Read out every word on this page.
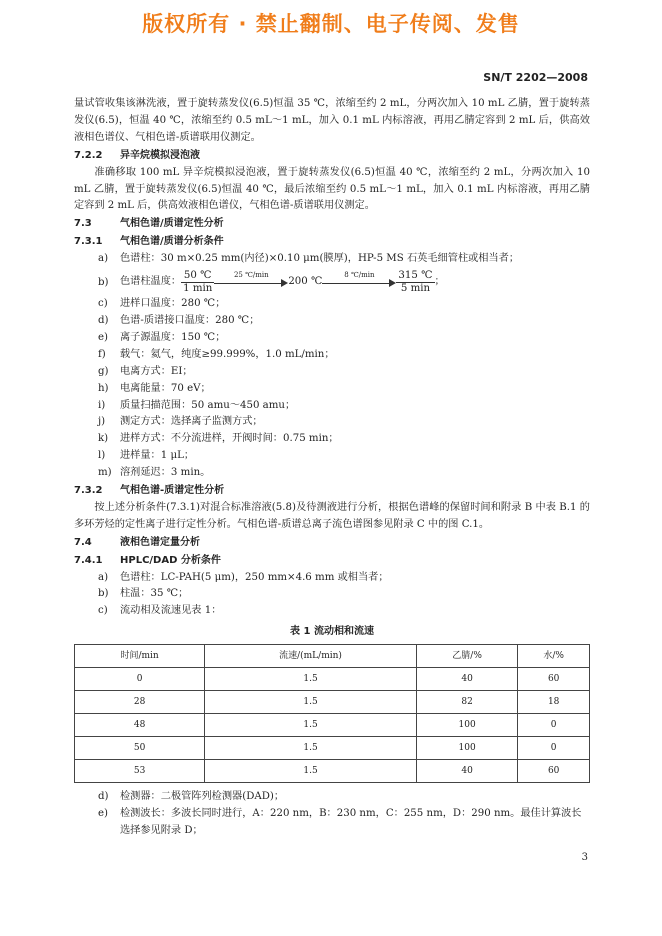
版权所有 · 禁止翻制、电子传阅、发售
SN/T 2202—2008

量试管收集该淋洗液，置于旋转蒸发仪(6.5)恒温 35 ℃，浓缩至约 2 mL，分两次加入 10 mL 乙腈，置于旋转蒸发仪(6.5)，恒温 40 ℃，浓缩至约 0.5 mL～1 mL，加入 0.1 mL 内标溶液，再用乙腈定容到 2 mL 后，供高效液相色谱仪、气相色谱-质谱联用仪测定。

7.2.2 异辛烷模拟浸泡液

准确移取 100 mL 异辛烷模拟浸泡液，置于旋转蒸发仪(6.5)恒温 40 ℃，浓缩至约 2 mL，分两次加入 10 mL 乙腈，置于旋转蒸发仪(6.5)恒温 40 ℃，最后浓缩至约 0.5 mL～1 mL，加入 0.1 mL 内标溶液，再用乙腈定容到 2 mL 后，供高效液相色谱仪，气相色谱-质谱联用仪测定。

7.3	气相色谱/质谱定性分析

7.3.1 气相色谱/质谱分析条件

a)	色谱柱：30 m×0.25 mm(内径)×0.10 μm(膜厚)，HP-5 MS 石英毛细管柱或相当者；
b)	色谱柱温度： $\frac{50 ℃}{1 \min}$	25 ℃/min
200 ℃
8 ℃/min	$\frac{315 ℃}{5 \min}$ ；
c)	进样口温度：280 ℃；
d)	色谱-质谱接口温度：280 ℃；
e)	离子源温度：150 ℃；
f)	载气：氦气，纯度≥99.999%，1.0 mL/min；
g)	电离方式：EI；
h)	电离能量：70 eV；
i)	质量扫描范围：50 amu～450 amu；
j)	测定方式：选择离子监测方式；
k)	进样方式：不分流进样，开阀时间：0.75 min；
l)	进样量：1 μL；
m) 溶剂延迟：3 min。

7.3.2 气相色谱-质谱定性分析

按上述分析条件(7.3.1)对混合标准溶液(5.8)及待测液进行分析，根据色谱峰的保留时间和附录 B 中表 B.1 的多环芳烃的定性离子进行定性分析。气相色谱-质谱总离子流色谱图参见附录 C 中的图 C.1。

7.4	液相色谱定量分析

7.4.1 HPLC/DAD 分析条件

a)	色谱柱：LC-PAH(5 μm)，250 mm×4.6 mm 或相当者；
b)	柱温：35 ℃；
c)	流动相及流速见表 1：
表 1 流动相和流速
时间/min	流速/(mL/min)	乙腈/%	水/%
0	1.5	40	60
28	1.5	82	18
48	1.5	100	0
50	1.5	100	0
53	1.5	40	60
d)	检测器：二极管阵列检测器(DAD)；
e)	检测波长：多波长同时进行，A：220 nm，B：230 nm，C：255 nm，D：290 nm。最佳计算波长选择参见附录 D；
3
